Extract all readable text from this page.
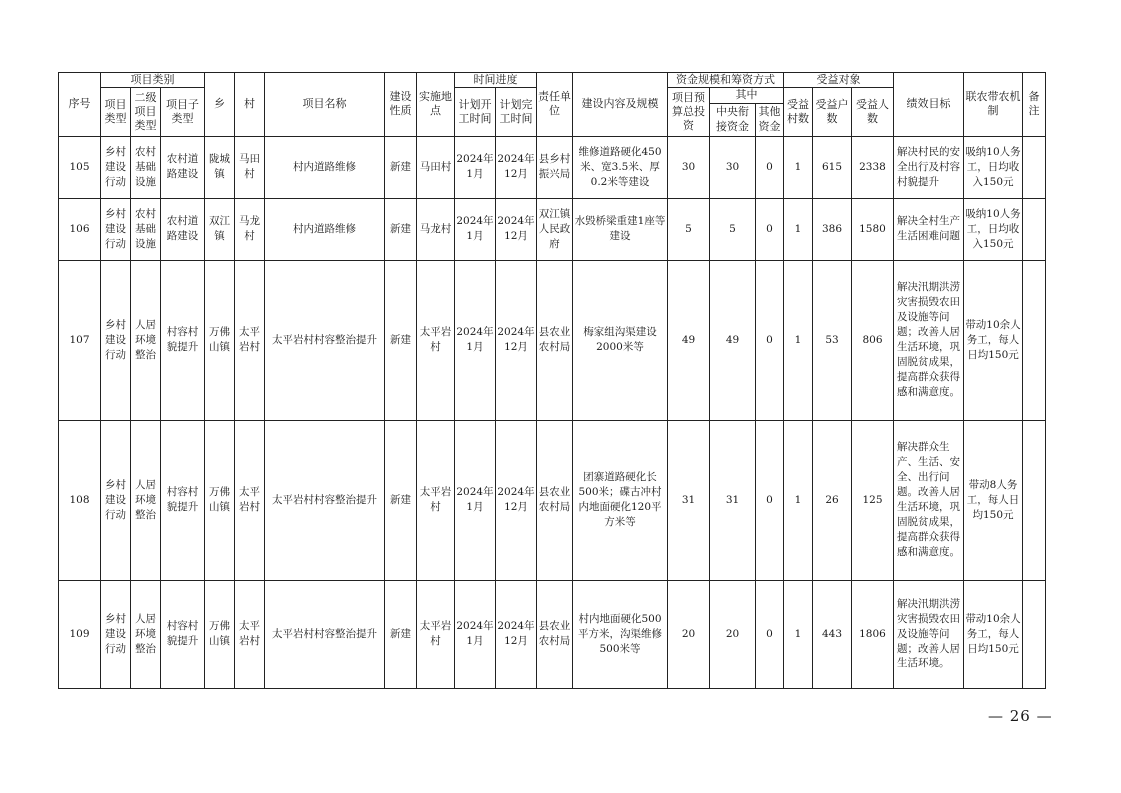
序号	项目类别			乡	村	项目名称	建设性质	实施地点	时间进度		责任单位	建设内容及规模	资金规模和筹资方式			受益对象			绩效目标	联农带农机制	备注
	项目类型	二级项目类型	项目子类型						计划开工时间	计划完工时间			项目预算总投资	其中		受益村数	受益户数	受益人数			
														中央衔接资金	其他资金						
105	乡村建设行动	农村基础设施	农村道路建设	陇城镇	马田村	村内道路维修	新建	马田村	2024年1月	2024年12月	县乡村振兴局	维修道路硬化450米、宽3.5米、厚0.2米等建设	30	30	0	1	615	2338	解决村民的安全出行及村容村貌提升	吸纳10人务工，日均收入150元	
106	乡村建设行动	农村基础设施	农村道路建设	双江镇	马龙村	村内道路维修	新建	马龙村	2024年1月	2024年12月	双江镇人民政府	水毁桥梁重建1座等建设	5	5	0	1	386	1580	解决全村生产生活困难问题	吸纳10人务工，日均收入150元	
107	乡村建设行动	人居环境整治	村容村貌提升	万佛山镇	太平岩村	太平岩村村容整治提升	新建	太平岩村	2024年1月	2024年12月	县农业农村局	梅家组沟渠建设2000米等	49	49	0	1	53	806	解决汛期洪涝灾害损毁农田及设施等问题；改善人居生活环境，巩固脱贫成果，提高群众获得感和满意度。	带动10余人务工，每人日均150元	
108	乡村建设行动	人居环境整治	村容村貌提升	万佛山镇	太平岩村	太平岩村村容整治提升	新建	太平岩村	2024年1月	2024年12月	县农业农村局	团寨道路硬化长500米；碟古冲村内地面硬化120平方米等	31	31	0	1	26	125	解决群众生产、生活、安全、出行问题。改善人居生活环境，巩固脱贫成果，提高群众获得感和满意度。	带动8人务工，每人日均150元	
109	乡村建设行动	人居环境整治	村容村貌提升	万佛山镇	太平岩村	太平岩村村容整治提升	新建	太平岩村	2024年1月	2024年12月	县农业农村局	村内地面硬化500平方米，沟渠维修500米等	20	20	0	1	443	1806	解决汛期洪涝灾害损毁农田及设施等问题；改善人居生活环境。	带动10余人务工，每人日均150元	
— 26 —
